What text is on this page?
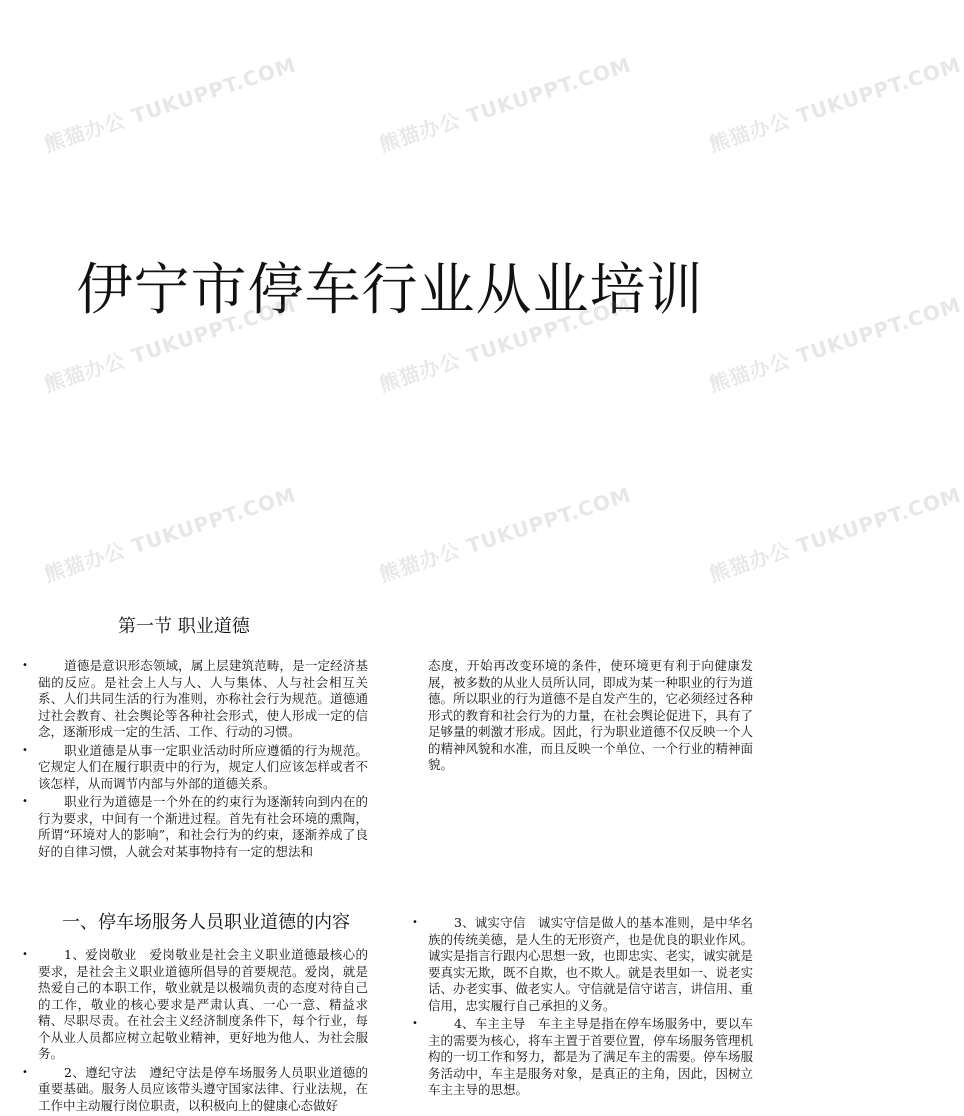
熊猫办公 TUKUPPT.COM	熊猫办公 TUKUPPT.COM	熊猫办公 TUKUPPT.COM
伊宁市停车行业从业培训
熊猫办公 TUKUPPT.COM	熊猫办公 TUKUPPT.COM	熊猫办公 TUKUPPT.COM
熊猫办公 TUKUPPT.COM	熊猫办公 TUKUPPT.COM	熊猫办公 TUKUPPT.COM
第一节 职业道德
•	道德是意识形态领域，属上层建筑范畴，是一定经济基础的反应。是社会上人与人、人与集体、人与社会相互关系、人们共同生活的行为准则，亦称社会行为规范。道德通过社会教育、社会舆论等各种社会形式，使人形成一定的信念，逐渐形成一定的生活、工作、行动的习惯。

•	职业道德是从事一定职业活动时所应遵循的行为规范。它规定人们在履行职责中的行为，规定人们应该怎样或者不该怎样，从而调节内部与外部的道德关系。

•	职业行为道德是一个外在的约束行为逐渐转向到内在的行为要求，中间有一个渐进过程。首先有社会环境的熏陶，所谓“环境对人的影响”，和社会行为的约束，逐渐养成了良好的自律习惯，人就会对某事物持有一定的想法和

态度，开始再改变环境的条件，使环境更有利于向健康发展，被多数的从业人员所认同，即成为某一种职业的行为道德。所以职业的行为道德不是自发产生的，它必须经过各种形式的教育和社会行为的力量，在社会舆论促进下，具有了足够量的刺激才形成。因此，行为职业道德不仅反映一个人的精神风貌和水准，而且反映一个单位、一个行业的精神面貌。

一、停车场服务人员职业道德的内容
•	1、爱岗敬业　爱岗敬业是社会主义职业道德最核心的要求，是社会主义职业道德所倡导的首要规范。爱岗，就是热爱自己的本职工作，敬业就是以极端负责的态度对待自己的工作，敬业的核心要求是严肃认真、一心一意、精益求精、尽职尽责。在社会主义经济制度条件下，每个行业，每个从业人员都应树立起敬业精神，更好地为他人、为社会服务。

•	2、遵纪守法　遵纪守法是停车场服务人员职业道德的重要基础。服务人员应该带头遵守国家法律、行业法规，在工作中主动履行岗位职责，以积极向上的健康心态做好

•	3、诚实守信　诚实守信是做人的基本准则，是中华名族的传统美德，是人生的无形资产，也是优良的职业作风。诚实是指言行跟内心思想一致，也即忠实、老实，诚实就是要真实无欺，既不自欺，也不欺人。就是表里如一、说老实话、办老实事、做老实人。守信就是信守诺言，讲信用、重信用，忠实履行自己承担的义务。

•	4、车主主导　车主主导是指在停车场服务中，要以车主的需要为核心，将车主置于首要位置，停车场服务管理机构的一切工作和努力，都是为了满足车主的需要。停车场服务活动中，车主是服务对象，是真正的主角，因此，因树立车主主导的思想。
